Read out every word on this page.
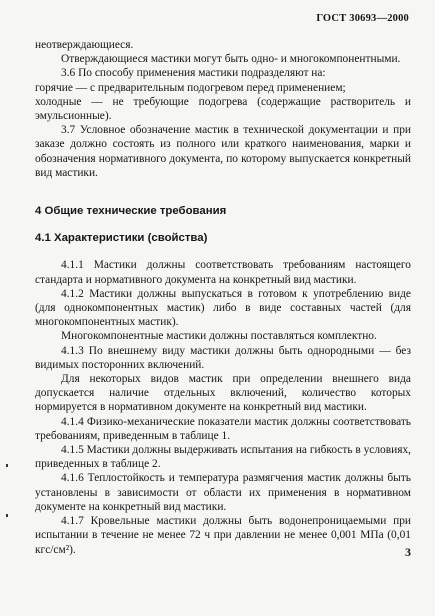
ГОСТ 30693—2000

неотверждающиеся.

Отверждающиеся мастики могут быть одно- и многокомпонентными.

3.6 По способу применения мастики подразделяют на:

горячие — с предварительным подогревом перед применением;

холодные — не требующие подогрева (содержащие растворитель и эмульсионные).

3.7 Условное обозначение мастик в технической документации и при заказе должно состоять из полного или краткого наименования, марки и обозначения нормативного документа, по которому выпускается конкретный вид мастики.

4 Общие технические требования

4.1 Характеристики (свойства)

4.1.1 Мастики должны соответствовать требованиям настоящего стандарта и нормативного документа на конкретный вид мастики.

4.1.2 Мастики должны выпускаться в готовом к употреблению виде (для однокомпонентных мастик) либо в виде составных частей (для многокомпонентных мастик).

Многокомпонентные мастики должны поставляться комплектно.

4.1.3 По внешнему виду мастики должны быть однородными — без видимых посторонних включений.

Для некоторых видов мастик при определении внешнего вида допускается наличие отдельных включений, количество которых нормируется в нормативном документе на конкретный вид мастики.

4.1.4 Физико-механические показатели мастик должны соответствовать требованиям, приведенным в таблице 1.

4.1.5 Мастики должны выдерживать испытания на гибкость в условиях, приведенных в таблице 2.

4.1.6 Теплостойкость и температура размягчения мастик должны быть установлены в зависимости от области их применения в нормативном документе на конкретный вид мастики.

4.1.7 Кровельные мастики должны быть водонепроницаемыми при испытании в течение не менее 72 ч при давлении не менее 0,001 МПа (0,01 кгс/см²).	3
